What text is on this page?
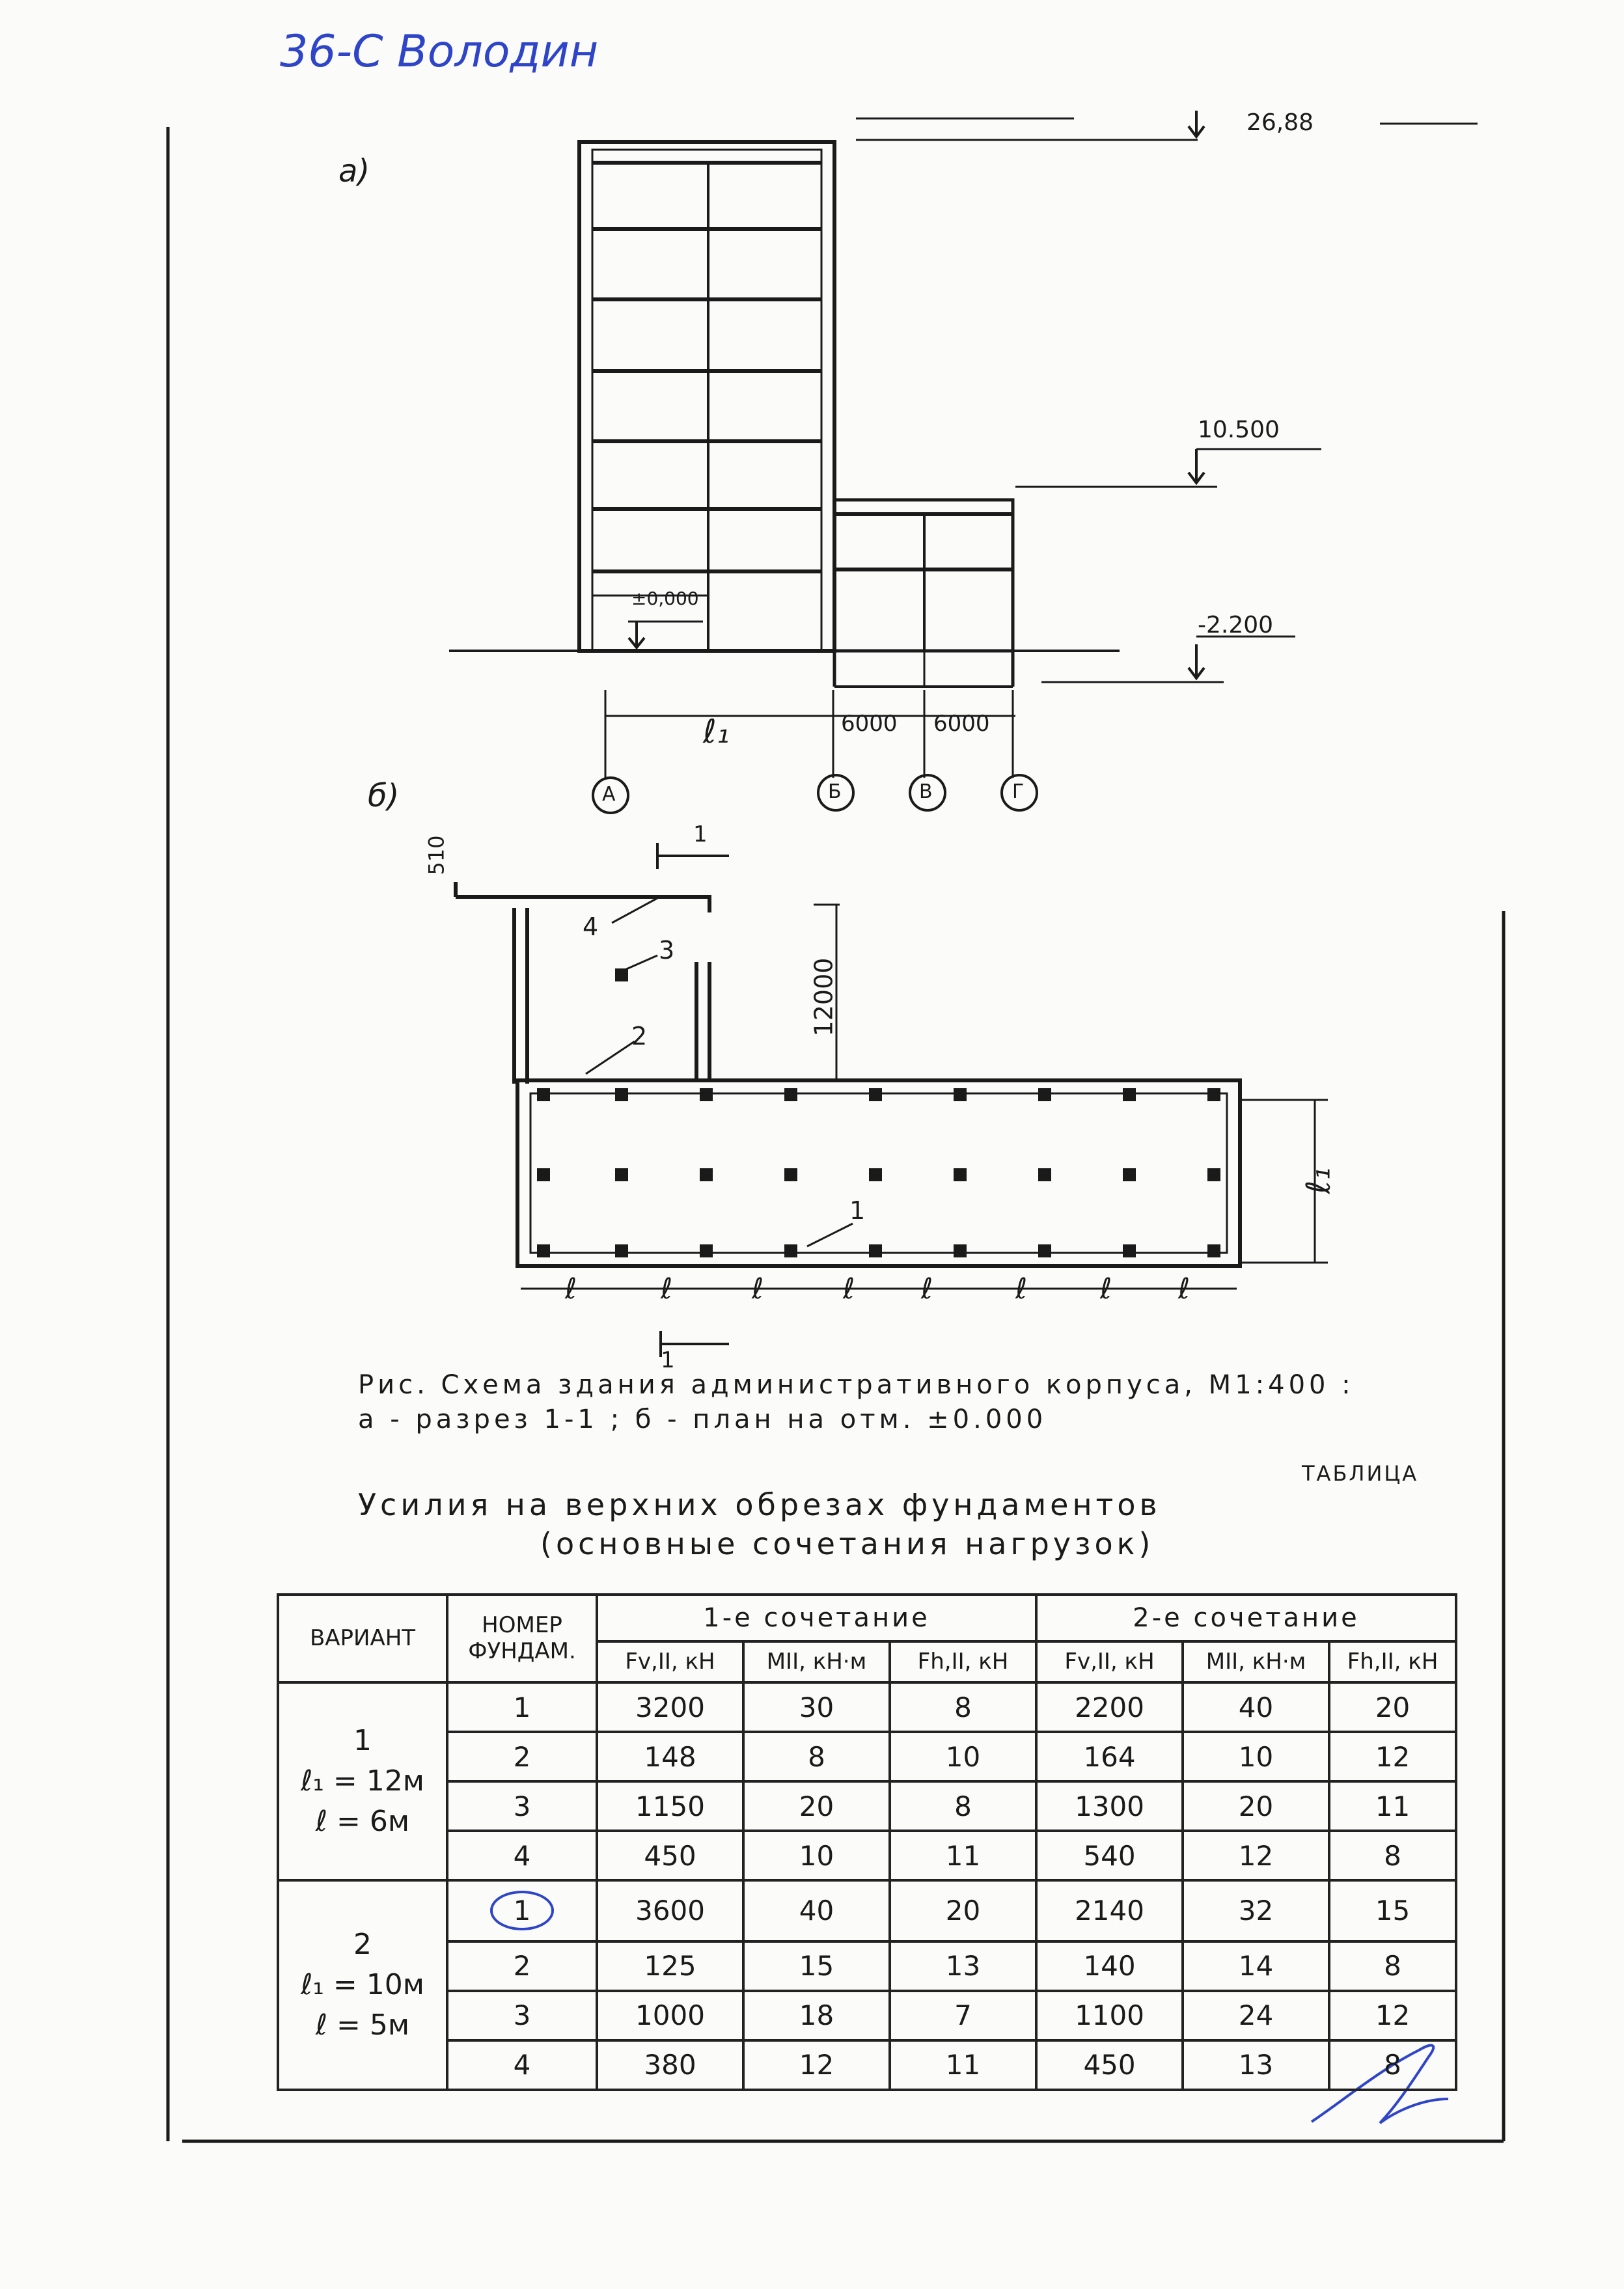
36-С Володин
а)
26,88
10.500
±0,000
-2.200
ℓ₁	6000 6000
А	Б	В	Г
б)
510
12000
ℓ₁
1
1
1
2
3
4
ℓ	ℓ	ℓ	ℓ ℓ	ℓ	ℓ ℓ
Рис. Схема здания административного корпуса, М1:400 :
а - разрез 1-1 ; б - план на отм. ±0.000
ТАБЛИЦА
Усилия на верхних обрезах фундаментов
(основные сочетания нагрузок)
ВАРИАНТ	НОМЕР ФУНДАМ.	1-е сочетание			2-е сочетание		
		Fv,II, кН	MII, кН·м	Fh,II, кН	Fv,II, кН	MII, кН·м	Fh,II, кН

1
ℓ₁ = 12м
ℓ = 6м	1	3200	30	8	2200	40	20
	2	148	8	10	164	10	12
	3	1150	20	8	1300	20	11
	4	450	10	11	540	12	8

2
ℓ₁ = 10м
ℓ = 5м	1	3600	40	20	2140	32	15
	2	125	15	13	140	14	8
	3	1000	18	7	1100	24	12
	4	380	12	11	450	13	8
